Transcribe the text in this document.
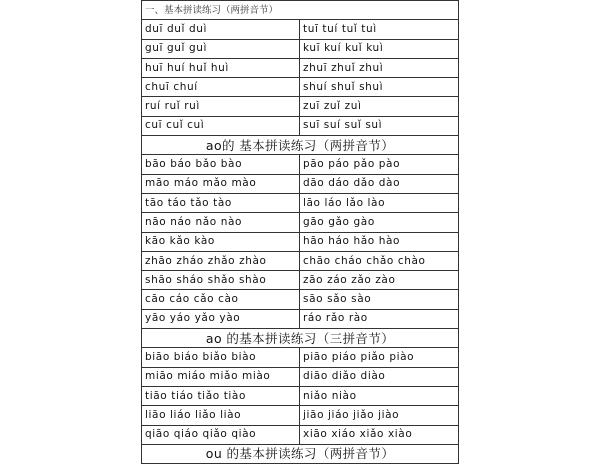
一、基本拼读练习（两拼音节）	
duī duǐ duì	tuī tuí tuǐ tuì
guī guǐ guì	kuī kuí kuǐ kuì
huī huí huǐ huì	zhuī zhuǐ zhuì
chuī chuí	shuí shuǐ shuì
ruí ruǐ ruì	zuī zuǐ zuì
cuī cuǐ cuì	suī suí suǐ suì
ao的 基本拼读练习（两拼音节）	
bāo báo bǎo bào	pāo páo pǎo pào
māo máo mǎo mào	dāo dáo dǎo dào
tāo táo tǎo tào	lāo láo lǎo lào
nāo náo nǎo nào	gāo gǎo gào
kāo kǎo kào	hāo háo hǎo hào
zhāo zháo zhǎo zhào	chāo cháo chǎo chào
shāo sháo shǎo shào	zāo záo zǎo zào
cāo cáo cǎo cào	sāo sǎo sào
yāo yáo yǎo yào	ráo rǎo rào
ao 的基本拼读练习（三拼音节）	
biāo biáo biǎo biào	piāo piáo piǎo piào
miāo miáo miǎo miào	diāo diǎo diào
tiāo tiáo tiǎo tiào	niǎo niào
liāo liáo liǎo liào	jiāo jiáo jiǎo jiào
qiāo qiáo qiǎo qiào	xiāo xiáo xiǎo xiào
ou 的基本拼读练习（两拼音节）	
